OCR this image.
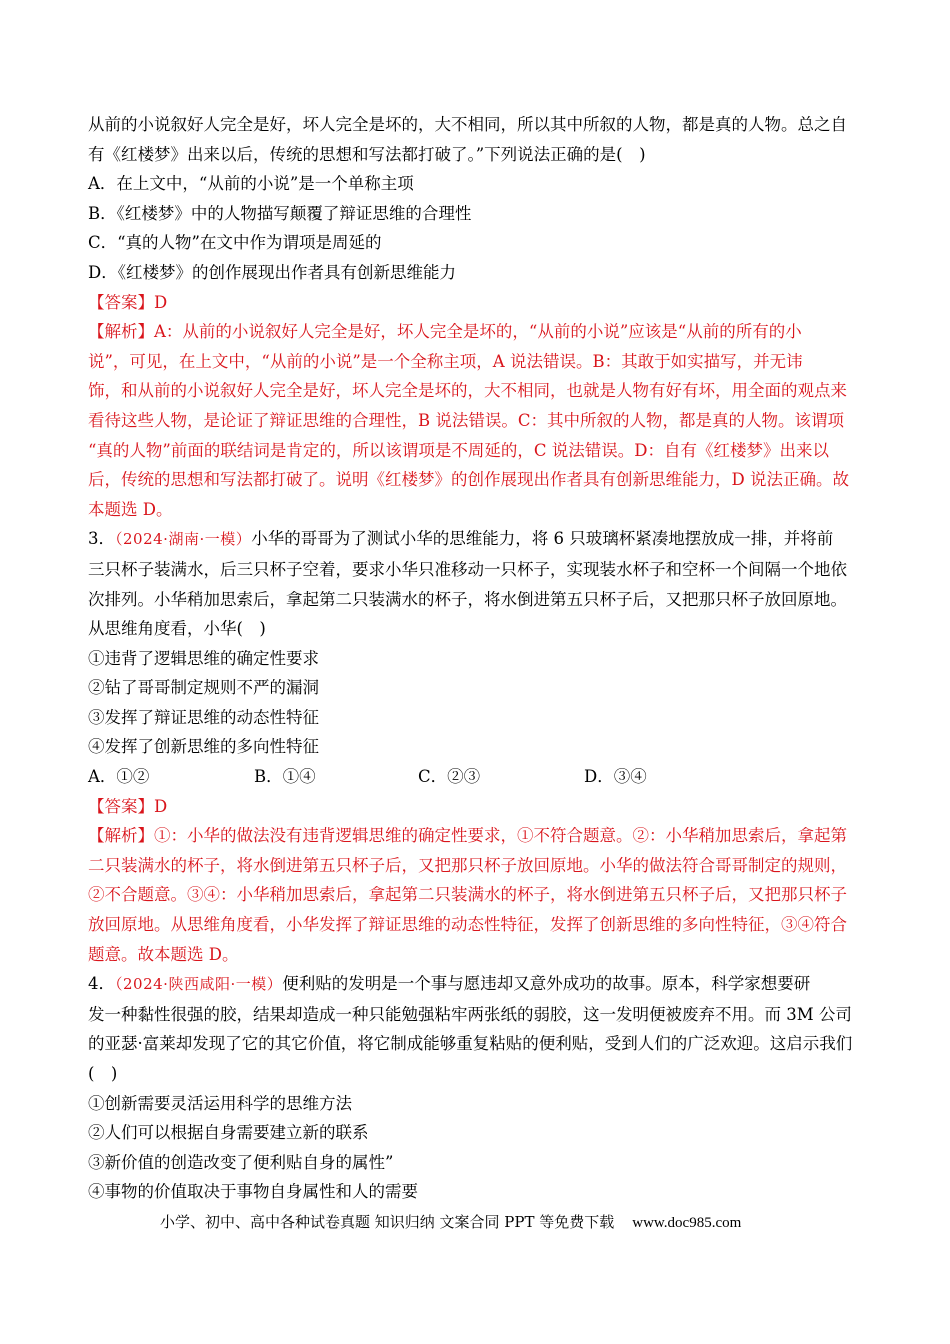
从前的小说叙好人完全是好，坏人完全是坏的，大不相同，所以其中所叙的人物，都是真的人物。总之自
有《红楼梦》出来以后，传统的思想和写法都打破了。”下列说法正确的是(　)
A．在上文中，“从前的小说”是一个单称主项
B．《红楼梦》中的人物描写颠覆了辩证思维的合理性
C．“真的人物”在文中作为谓项是周延的
D．《红楼梦》的创作展现出作者具有创新思维能力
【答案】D
【解析】A：从前的小说叙好人完全是好，坏人完全是坏的，“从前的小说”应该是“从前的所有的小
说”，可见，在上文中，“从前的小说”是一个全称主项，A 说法错误。B：其敢于如实描写，并无讳
饰，和从前的小说叙好人完全是好，坏人完全是坏的，大不相同，也就是人物有好有坏，用全面的观点来
看待这些人物，是论证了辩证思维的合理性，B 说法错误。C：其中所叙的人物，都是真的人物。该谓项
“真的人物”前面的联结词是肯定的，所以该谓项是不周延的，C 说法错误。D：自有《红楼梦》出来以
后，传统的思想和写法都打破了。说明《红楼梦》的创作展现出作者具有创新思维能力，D 说法正确。故
本题选 D。
3．（2024·湖南·一模）小华的哥哥为了测试小华的思维能力，将 6 只玻璃杯紧凑地摆放成一排，并将前
三只杯子装满水，后三只杯子空着，要求小华只准移动一只杯子，实现装水杯子和空杯一个间隔一个地依
次排列。小华稍加思索后，拿起第二只装满水的杯子，将水倒进第五只杯子后，又把那只杯子放回原地。
从思维角度看，小华(　)
①违背了逻辑思维的确定性要求
②钻了哥哥制定规则不严的漏洞
③发挥了辩证思维的动态性特征
④发挥了创新思维的多向性特征
A．①②	B．①④	C．②③	D．③④
【答案】D
【解析】①：小华的做法没有违背逻辑思维的确定性要求，①不符合题意。②：小华稍加思索后，拿起第
二只装满水的杯子，将水倒进第五只杯子后，又把那只杯子放回原地。小华的做法符合哥哥制定的规则，
②不合题意。③④：小华稍加思索后，拿起第二只装满水的杯子，将水倒进第五只杯子后，又把那只杯子
放回原地。从思维角度看，小华发挥了辩证思维的动态性特征，发挥了创新思维的多向性特征，③④符合
题意。故本题选 D。
4．（2024·陕西咸阳·一模）便利贴的发明是一个事与愿违却又意外成功的故事。原本，科学家想要研
发一种黏性很强的胶，结果却造成一种只能勉强粘牢两张纸的弱胶，这一发明便被废弃不用。而 3M 公司
的亚瑟·富莱却发现了它的其它价值，将它制成能够重复粘贴的便利贴，受到人们的广泛欢迎。这启示我们
(　)
①创新需要灵活运用科学的思维方法
②人们可以根据自身需要建立新的联系
③新价值的创造改变了便利贴自身的属性”
④事物的价值取决于事物自身属性和人的需要
小学、初中、高中各种试卷真题 知识归纳 文案合同 PPT 等免费下载 www.doc985.com
